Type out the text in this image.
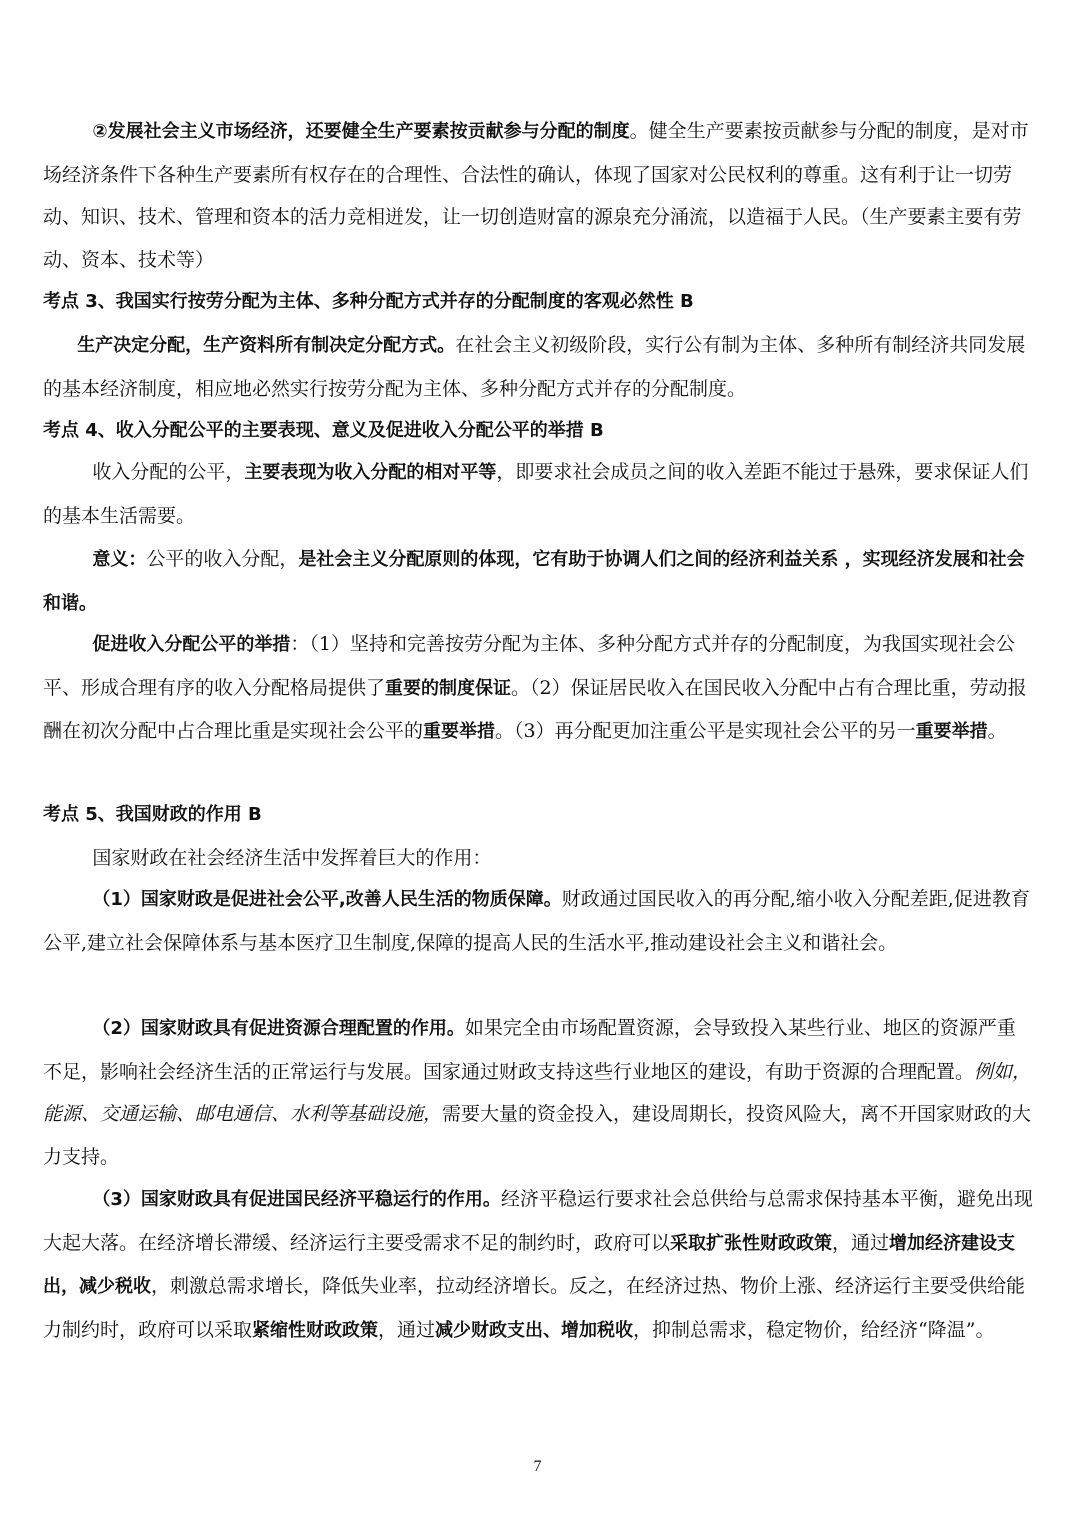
②发展社会主义市场经济，还要健全生产要素按贡献参与分配的制度。健全生产要素按贡献参与分配的制度，是对市场经济条件下各种生产要素所有权存在的合理性、合法性的确认，体现了国家对公民权利的尊重。这有利于让一切劳动、知识、技术、管理和资本的活力竞相迸发，让一切创造财富的源泉充分涌流，以造福于人民。（生产要素主要有劳动、资本、技术等）

考点 3、我国实行按劳分配为主体、多种分配方式并存的分配制度的客观必然性 B

生产决定分配，生产资料所有制决定分配方式。在社会主义初级阶段，实行公有制为主体、多种所有制经济共同发展的基本经济制度，相应地必然实行按劳分配为主体、多种分配方式并存的分配制度。

考点 4、收入分配公平的主要表现、意义及促进收入分配公平的举措 B

收入分配的公平，主要表现为收入分配的相对平等，即要求社会成员之间的收入差距不能过于悬殊，要求保证人们的基本生活需要。

意义：公平的收入分配，是社会主义分配原则的体现，它有助于协调人们之间的经济利益关系 ，实现经济发展和社会和谐。

促进收入分配公平的举措：（1）坚持和完善按劳分配为主体、多种分配方式并存的分配制度，为我国实现社会公平、形成合理有序的收入分配格局提供了重要的制度保证。（2）保证居民收入在国民收入分配中占有合理比重，劳动报酬在初次分配中占合理比重是实现社会公平的重要举措。（3）再分配更加注重公平是实现社会公平的另一重要举措。

考点 5、我国财政的作用 B

国家财政在社会经济生活中发挥着巨大的作用：

（1）国家财政是促进社会公平,改善人民生活的物质保障。财政通过国民收入的再分配,缩小收入分配差距,促进教育公平,建立社会保障体系与基本医疗卫生制度,保障的提高人民的生活水平,推动建设社会主义和谐社会。

（2）国家财政具有促进资源合理配置的作用。如果完全由市场配置资源，会导致投入某些行业、地区的资源严重不足，影响社会经济生活的正常运行与发展。国家通过财政支持这些行业地区的建设，有助于资源的合理配置。例如，能源、交通运输、邮电通信、水利等基础设施，需要大量的资金投入，建设周期长，投资风险大，离不开国家财政的大力支持。

（3）国家财政具有促进国民经济平稳运行的作用。经济平稳运行要求社会总供给与总需求保持基本平衡，避免出现大起大落。在经济增长滞缓、经济运行主要受需求不足的制约时，政府可以采取扩张性财政政策，通过增加经济建设支出，减少税收，刺激总需求增长，降低失业率，拉动经济增长。反之，在经济过热、物价上涨、经济运行主要受供给能力制约时，政府可以采取紧缩性财政政策，通过减少财政支出、增加税收，抑制总需求，稳定物价，给经济“降温”。

7
